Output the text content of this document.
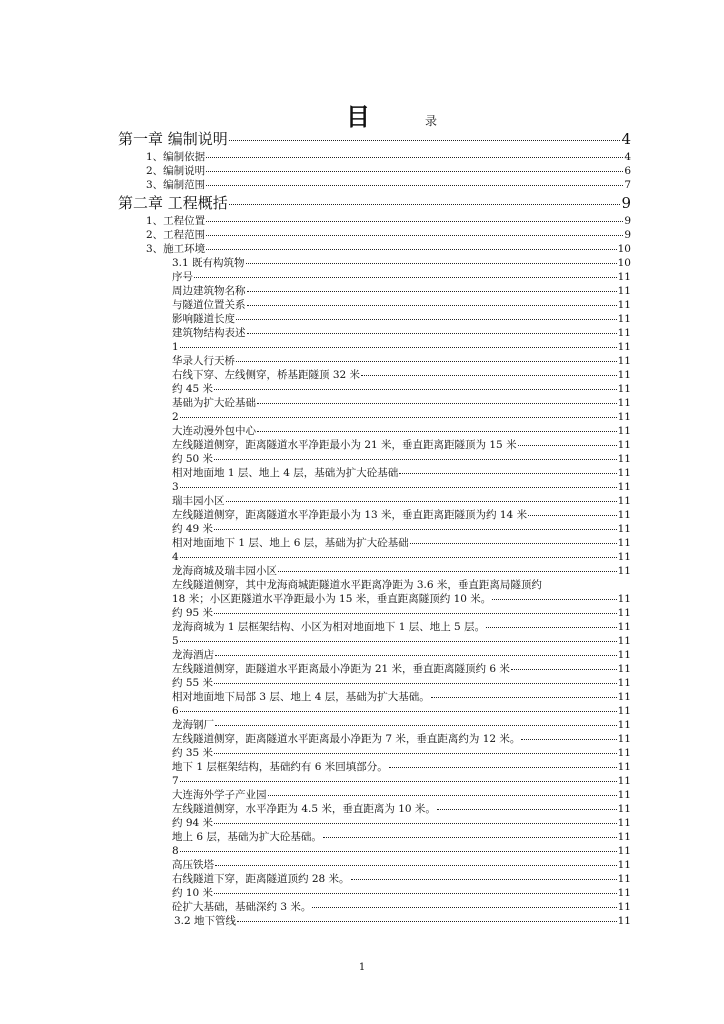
目	录
第一章 编制说明	4
1、编制依据	4
2、编制说明	6
3、编制范围	7
第二章 工程概括	9
1、工程位置	9
2、工程范围	9
3、施工环境	10
3.1 既有构筑物	10
序号	11
周边建筑物名称	11
与隧道位置关系	11
影响隧道长度	11
建筑物结构表述	11
1	11
华录人行天桥	11
右线下穿、左线侧穿，桥基距隧顶 32 米	11
约 45 米	11
基础为扩大砼基础	11
2	11
大连动漫外包中心	11
左线隧道侧穿，距离隧道水平净距最小为 21 米，垂直距离距隧顶为 15 米	11
约 50 米	11
相对地面地 1 层、地上 4 层，基础为扩大砼基础	11
3	11
瑞丰园小区	11
左线隧道侧穿，距离隧道水平净距最小为 13 米，垂直距离距隧顶为约 14 米	11
约 49 米	11
相对地面地下 1 层、地上 6 层，基础为扩大砼基础	11
4	11
龙海商城及瑞丰园小区	11
左线隧道侧穿，其中龙海商城距隧道水平距离净距为 3.6 米，垂直距离局隧顶约
18 米；小区距隧道水平净距最小为 15 米，垂直距离隧顶约 10 米。	11
约 95 米	11
龙海商城为 1 层框架结构、小区为相对地面地下 1 层、地上 5 层。	11
5	11
龙海酒店	11
左线隧道侧穿，距隧道水平距离最小净距为 21 米，垂直距离隧顶约 6 米	11
约 55 米	11
相对地面地下局部 3 层、地上 4 层，基础为扩大基础。	11
6	11
龙海钢厂	11
左线隧道侧穿，距离隧道水平距离最小净距为 7 米，垂直距离约为 12 米。	11
约 35 米	11
地下 1 层框架结构，基础约有 6 米回填部分。	11
7	11
大连海外学子产业园	11
左线隧道侧穿，水平净距为 4.5 米，垂直距离为 10 米。	11
约 94 米	11
地上 6 层，基础为扩大砼基础。	11
8	11
高压铁塔	11
右线隧道下穿，距离隧道顶约 28 米。	11
约 10 米	11
砼扩大基础，基础深约 3 米。	11
3.2 地下管线	11
1
